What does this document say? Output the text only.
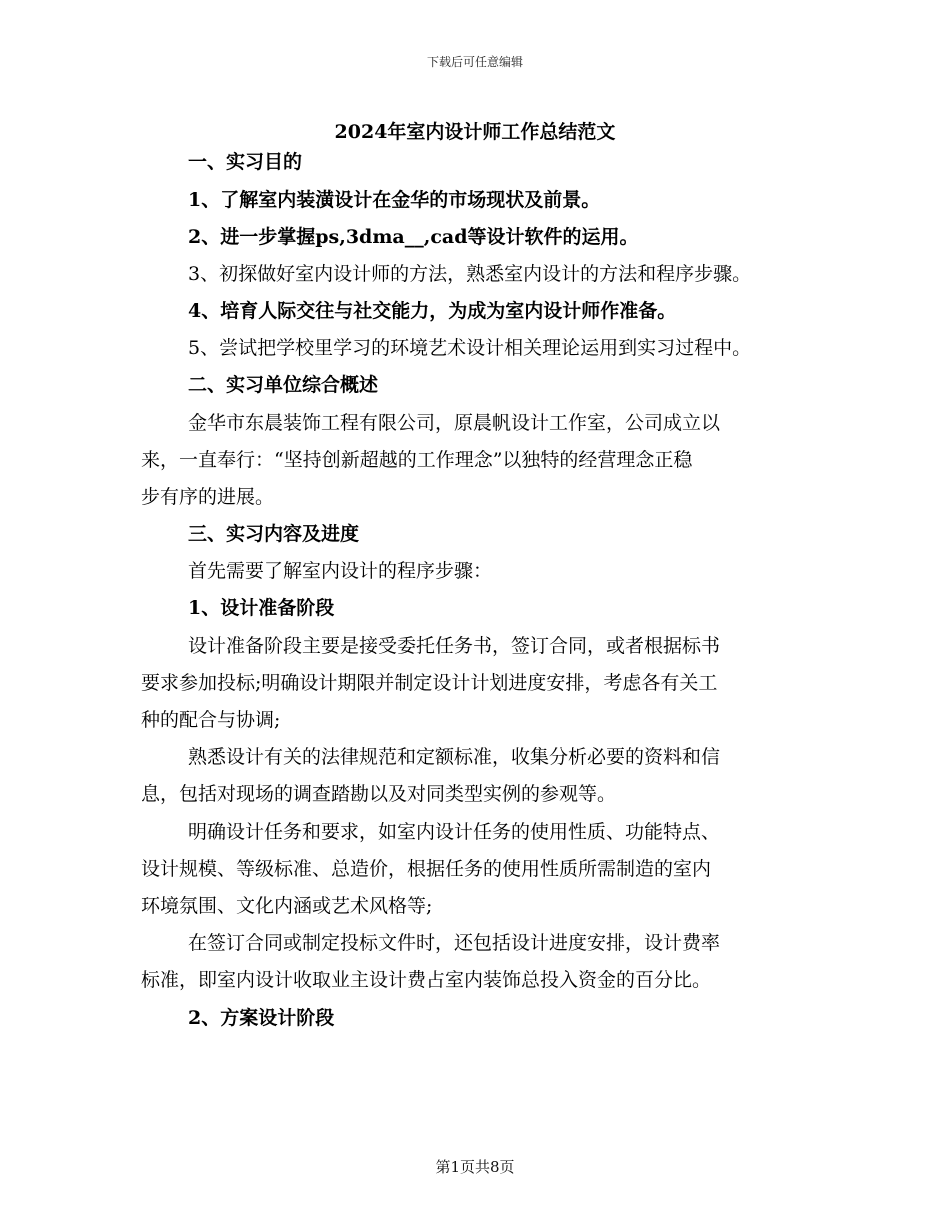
下载后可任意编辑
2024年室内设计师工作总结范文
一、实习目的
1、了解室内装潢设计在金华的市场现状及前景。
2、进一步掌握ps,3dma__,cad等设计软件的运用。
3、初探做好室内设计师的方法，熟悉室内设计的方法和程序步骤。
4、培育人际交往与社交能力，为成为室内设计师作准备。
5、尝试把学校里学习的环境艺术设计相关理论运用到实习过程中。
二、实习单位综合概述
金华市东晨装饰工程有限公司，原晨帆设计工作室，公司成立以
来，一直奉行：“坚持创新超越的工作理念”以独特的经营理念正稳
步有序的进展。
三、实习内容及进度
首先需要了解室内设计的程序步骤：
1、设计准备阶段
设计准备阶段主要是接受委托任务书，签订合同，或者根据标书
要求参加投标;明确设计期限并制定设计计划进度安排，考虑各有关工
种的配合与协调;
熟悉设计有关的法律规范和定额标准，收集分析必要的资料和信
息，包括对现场的调查踏勘以及对同类型实例的参观等。
明确设计任务和要求，如室内设计任务的使用性质、功能特点、
设计规模、等级标准、总造价，根据任务的使用性质所需制造的室内
环境氛围、文化内涵或艺术风格等;
在签订合同或制定投标文件时，还包括设计进度安排，设计费率
标准，即室内设计收取业主设计费占室内装饰总投入资金的百分比。
2、方案设计阶段
第1页共8页
